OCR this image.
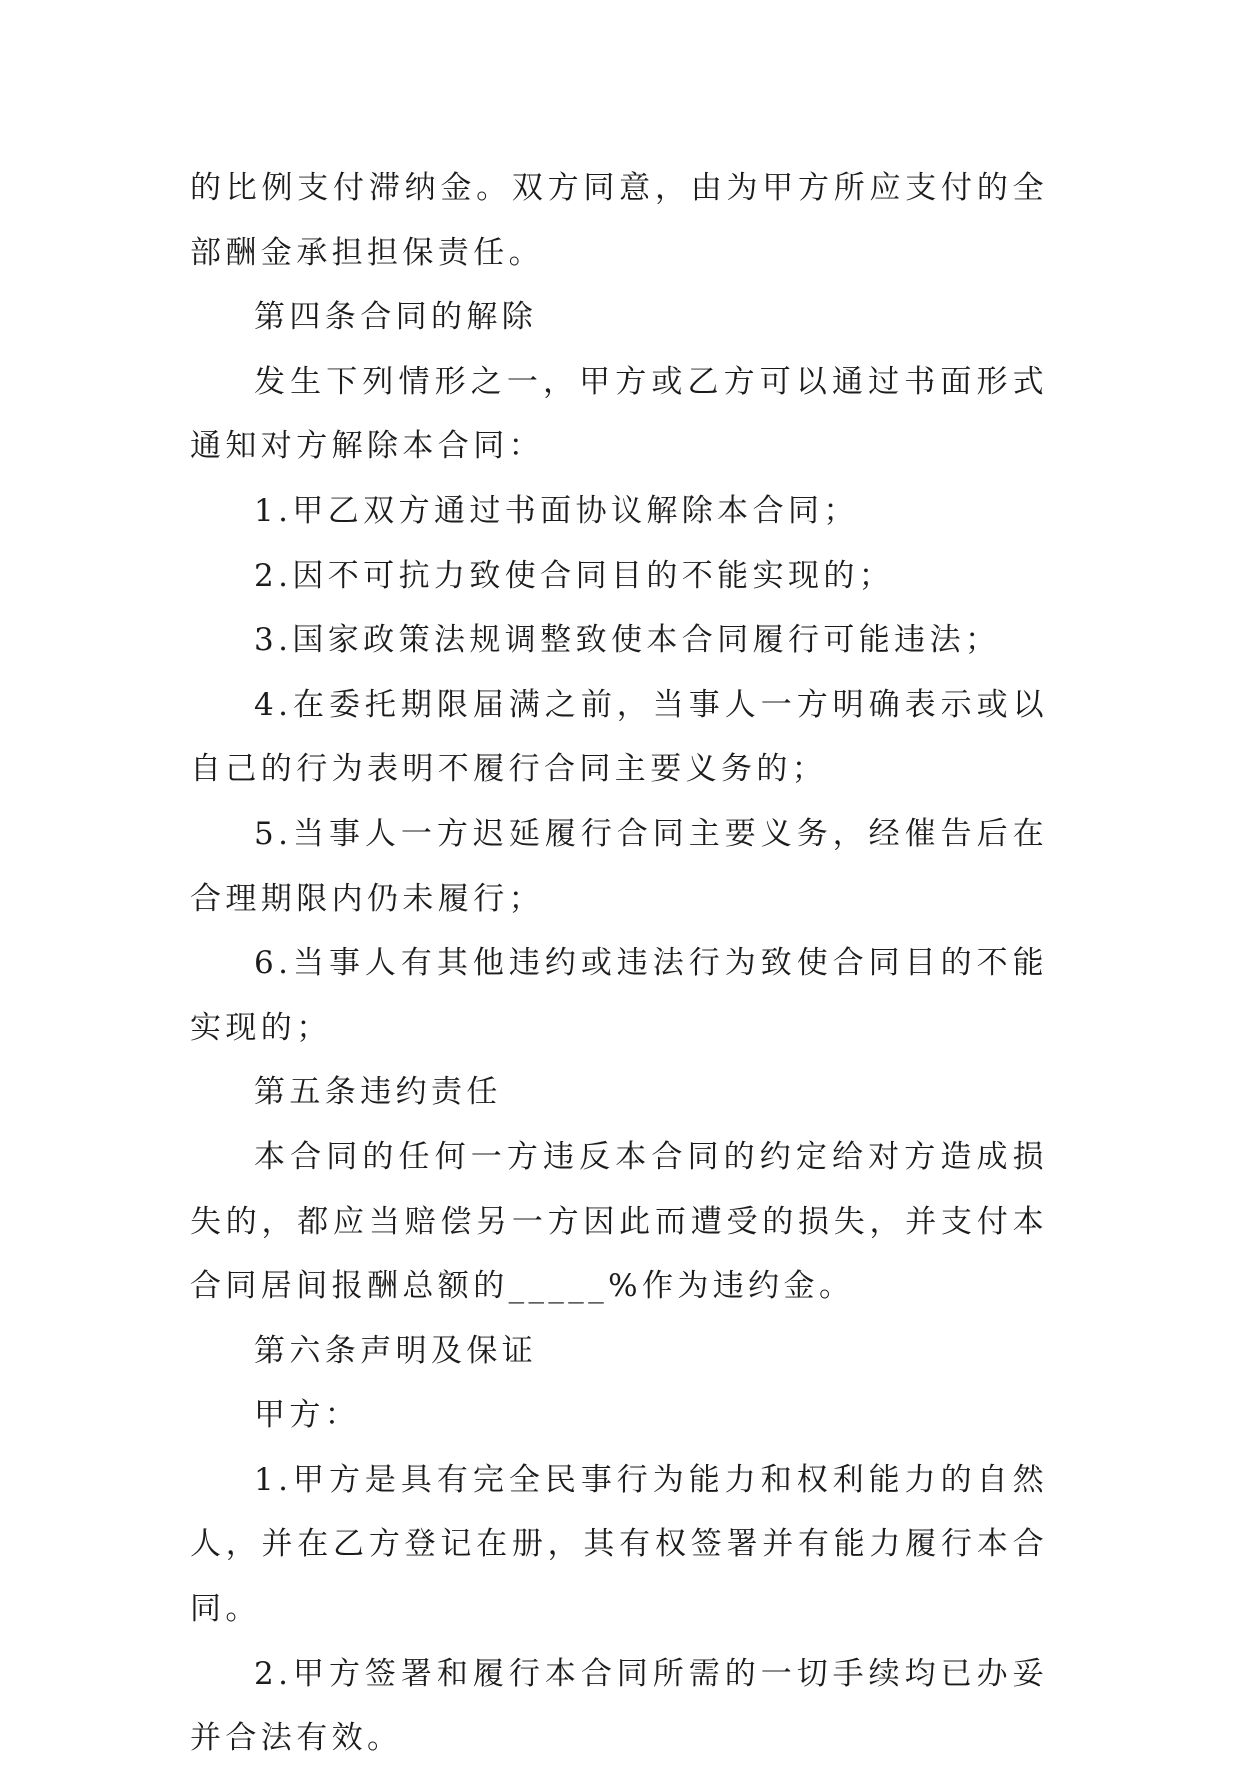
的比例支付滞纳金。双方同意，由为甲方所应支付的全部酬金承担担保责任。

第四条合同的解除

发生下列情形之一，甲方或乙方可以通过书面形式通知对方解除本合同：

1.甲乙双方通过书面协议解除本合同；

2.因不可抗力致使合同目的不能实现的；

3.国家政策法规调整致使本合同履行可能违法；

4.在委托期限届满之前，当事人一方明确表示或以自己的行为表明不履行合同主要义务的；

5.当事人一方迟延履行合同主要义务，经催告后在合理期限内仍未履行；

6.当事人有其他违约或违法行为致使合同目的不能实现的；

第五条违约责任

本合同的任何一方违反本合同的约定给对方造成损失的，都应当赔偿另一方因此而遭受的损失，并支付本合同居间报酬总额的_____%作为违约金。

第六条声明及保证

甲方：

1.甲方是具有完全民事行为能力和权利能力的自然人，并在乙方登记在册，其有权签署并有能力履行本合同。

2.甲方签署和履行本合同所需的一切手续均已办妥并合法有效。
